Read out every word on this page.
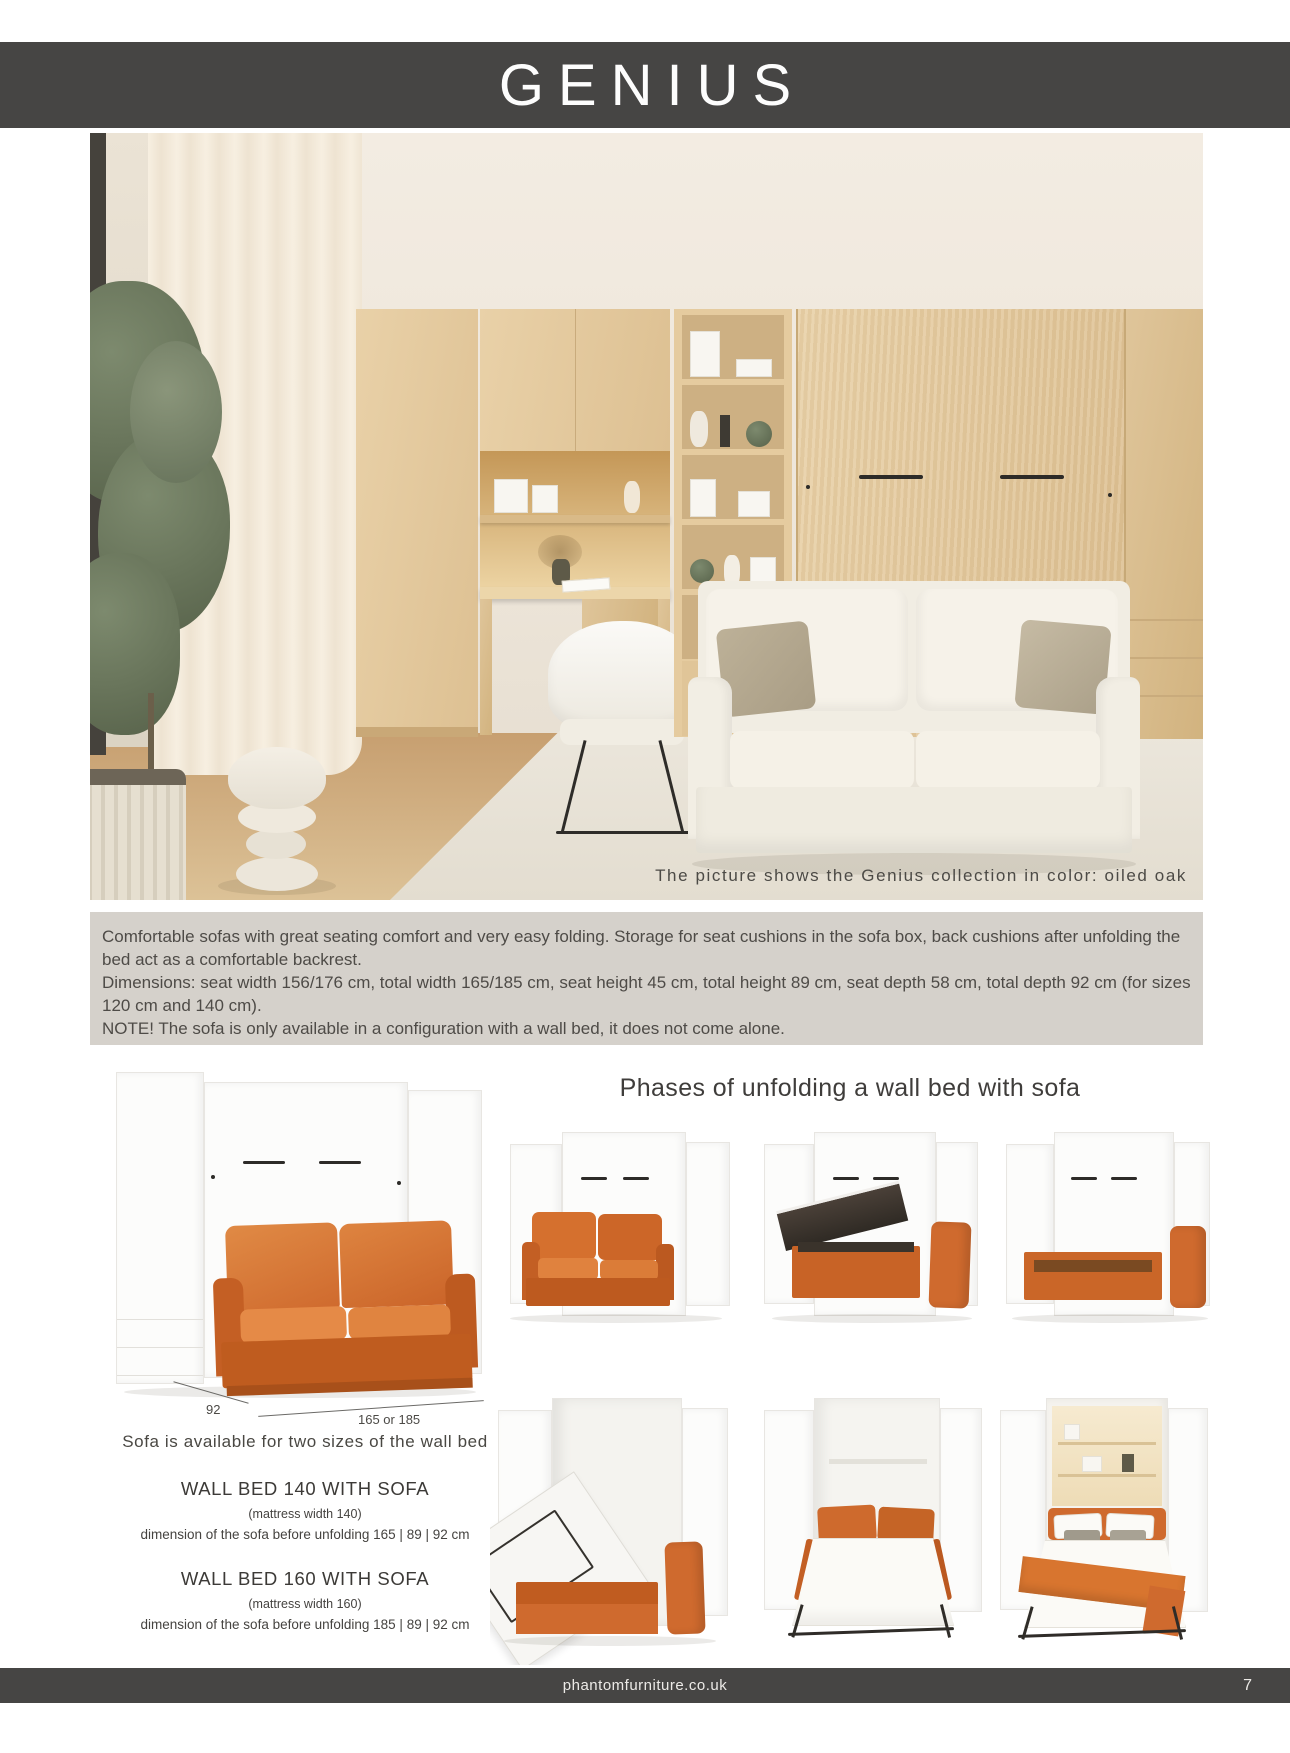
GENIUS
The picture shows the Genius collection in color: oiled oak

Comfortable sofas with great seating comfort and very easy folding. Storage for seat cushions in the sofa box, back cushions after unfolding the bed act as a comfortable backrest.

Dimensions: seat width 156/176 cm, total width 165/185 cm, seat height 45 cm, total height 89 cm, seat depth 58 cm, total depth 92 cm (for sizes 120 cm and 140 cm).

NOTE! The sofa is only available in a configuration with a wall bed, it does not come alone.

92
165 or 185
Sofa is available for two sizes of the wall bed
WALL BED 140 WITH SOFA
(mattress width 140)
dimension of the sofa before unfolding 165 | 89 | 92 cm
WALL BED 160 WITH SOFA
(mattress width 160)
dimension of the sofa before unfolding 185 | 89 | 92 cm
Phases of unfolding a wall bed with sofa
phantomfurniture.co.uk	7
